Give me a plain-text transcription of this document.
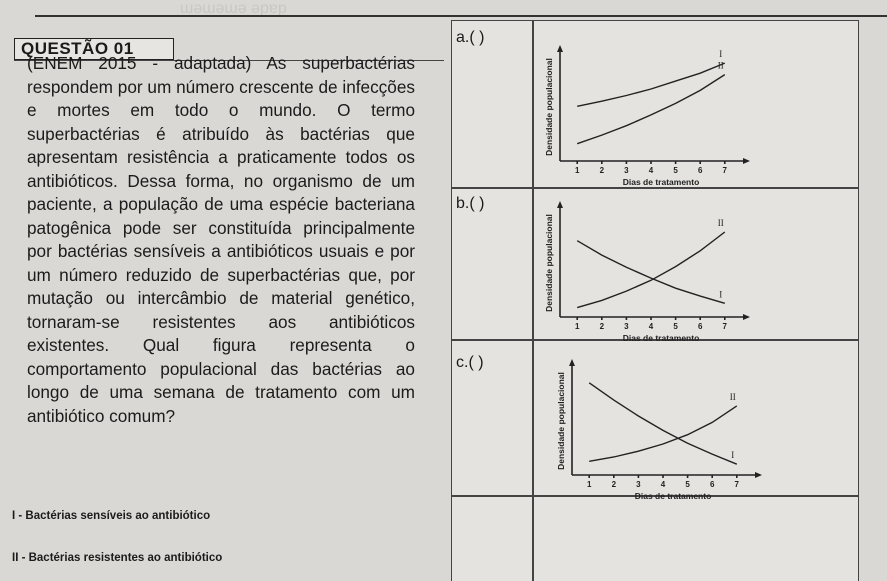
ɯəɯəɯə ǝpɐp
QUESTÃO 01
(ENEM 2015 - adaptada) As superbactérias respondem por um número crescente de infecções e mortes em todo o mundo. O termo superbactérias é atribuído às bactérias que apresentam resistência a praticamente todos os antibióticos. Dessa forma, no organismo de um paciente, a população de uma espécie bacteriana patogênica pode ser constituída principalmente por bactérias sensíveis a antibióticos usuais e por um número reduzido de superbactérias que, por mutação ou intercâmbio de material genético, tornaram-se resistentes aos antibióticos existentes. Qual figura representa o comportamento populacional das bactérias ao longo de uma semana de tratamento com um antibiótico comum?
I - Bactérias sensíveis ao antibiótico
II - Bactérias resistentes ao antibiótico
a.( )
b.( )
c.( )
1	2	3	4	5	6	7
Dias de tratamento
Densidade populacional
I
II
1	2	3	4	5	6	7
Dias de tratamento
Densidade populacional	I
II
1	2	3	4	5	6	7
Dias de tratamento
Densidade populacional	I
II
